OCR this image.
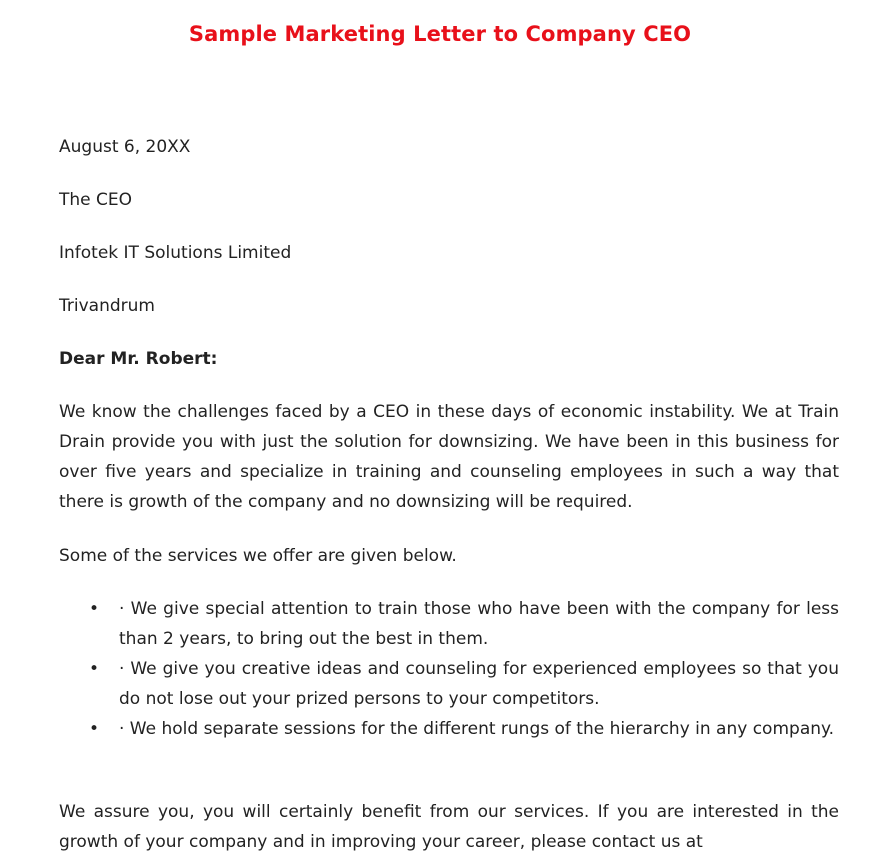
Sample Marketing Letter to Company CEO

August 6, 20XX

The CEO

Infotek IT Solutions Limited

Trivandrum

Dear Mr. Robert:

We know the challenges faced by a CEO in these days of economic instability. We at Train Drain provide you with just the solution for downsizing. We have been in this business for over five years and specialize in training and counseling employees in such a way that there is growth of the company and no downsizing will be required.

Some of the services we offer are given below.

• · We give special attention to train those who have been with the company for less than 2 years, to bring out the best in them.
• · We give you creative ideas and counseling for experienced employees so that you do not lose out your prized persons to your competitors.
• · We hold separate sessions for the different rungs of the hierarchy in any company.

We assure you, you will certainly benefit from our services. If you are interested in the growth of your company and in improving your career, please contact us at
